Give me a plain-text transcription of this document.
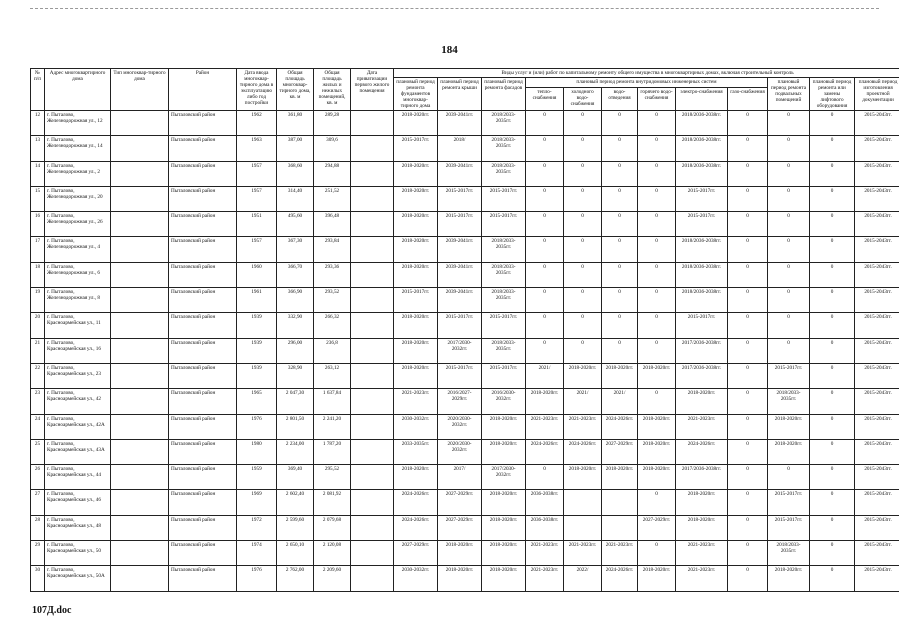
184
№ п/п	Адрес многоквартирного дома	Тип многоквар-тирного дома	Район	Дата ввода многоквар-тирного дома в эксплуатацию либо год постройки	Общая площадь многоквар-тирного дома, кв. м	Общая площадь жилых и нежилых помещений, кв. м	Дата приватизации первого жилого помещения	Виды услуг и (или) работ по капитальному ремонту общего имущества в многоквартирных домах, включая строительный контроль											
								плановый период ремонта фундаментов многоквар-тирного дома	плановый период ремонта крыши	плановый период ремонта фасадов	плановый период ремонта внутридомовых инженерных систем						плановый период ремонта подвальных помещений	плановый период ремонта или замены лифтового оборудования	плановый период изготовления проектной документации
											тепло-снабжения	холодного водо-снабжения	водо-отведения	горячего водо-снабжения	электро-снабжения	газо-снабжения			
12	г. Пыталово, Железнодорожная ул., 12		Пыталовский район	1962	361,80	289,28		2018-2020гг.	2039-2041гг.	2018/2033-2035гг.	0	0	0	0	2018/2036-2038гг.	0	0	0	2015-2043гг.
13	г. Пыталово, Железнодорожная ул., 14		Пыталовский район	1963	387,00	309,6		2015-2017гг.	2018/	2018/2033-2035гг.	0	0	0	0	2018/2036-2038гг.	0	0	0	2015-2043гг.
14	г. Пыталово, Железнодорожная ул., 2		Пыталовский район	1957	368,60	294,88		2018-2020гг.	2039-2041гг.	2018/2033-2035гг.	0	0	0	0	2018/2036-2038гг.	0	0	0	2015-2043гг.
15	г. Пыталово, Железнодорожная ул., 20		Пыталовский район	1957	314,40	251,52		2018-2020гг.	2015-2017гг.	2015-2017гг.	0	0	0	0	2015-2017гг.	0	0	0	2015-2043гг.
16	г. Пыталово, Железнодорожная ул., 26		Пыталовский район	1951	495,60	396,48		2018-2020гг.	2015-2017гг.	2015-2017гг.	0	0	0	0	2015-2017гг.	0	0	0	2015-2043гг.
17	г. Пыталово, Железнодорожная ул., 4		Пыталовский район	1957	367,30	293,84		2018-2020гг.	2039-2041гг.	2018/2033-2035гг.	0	0	0	0	2018/2036-2038гг.	0	0	0	2015-2043гг.
18	г. Пыталово, Железнодорожная ул., 6		Пыталовский район	1960	366,70	293,36		2018-2020гг.	2039-2041гг.	2018/2033-2035гг.	0	0	0	0	2018/2036-2038гг.	0	0	0	2015-2043гг.
19	г. Пыталово, Железнодорожная ул., 8		Пыталовский район	1961	366,90	293,52		2015-2017гг.	2039-2041гг.	2018/2033-2035гг.	0	0	0	0	2018/2036-2038гг.	0	0	0	2015-2043гг.
20	г. Пыталово, Красноармейская ул., 11		Пыталовский район	1939	332,90	266,32		2018-2020гг.	2015-2017гг.	2015-2017гг.	0	0	0	0	2015-2017гг.	0	0	0	2015-2043гг.
21	г. Пыталово, Красноармейская ул., 16		Пыталовский район	1939	296,00	236,8		2018-2020гг.	2017/2030-2032гг.	2018/2033-2035гг.	0	0	0	0	2017/2036-2038гг.	0	0	0	2015-2043гг.
22	г. Пыталово, Красноармейская ул., 23		Пыталовский район	1939	328,90	263,12		2018-2020гг.	2015-2017гг.	2015-2017гг.	2021/	2018-2020гг.	2018-2020гг.	2018-2020гг.	2017/2036-2038гг.	0	2015-2017гг.	0	2015-2043гг.
23	г. Пыталово, Красноармейская ул., 42		Пыталовский район	1965	2 047,30	1 637,84		2021-2023гг.	2016/2027-2029гг.	2016/2030-2032гг.	2018-2020гг.	2021/	2021/	0	2018-2020гг.	0	2018/2033-2035гг.	0	2015-2043гг.
24	г. Пыталово, Красноармейская ул., 42А		Пыталовский район	1976	2 801,50	2 241,20		2030-2032гг.	2020/2030-2032гг.	2018-2020гг.	2021-2023гг.	2021-2023гг.	2024-2026гг.	2018-2020гг.	2021-2023гг.	0	2018-2020гг.	0	2015-2043гг.
25	г. Пыталово, Красноармейская ул., 43А		Пыталовский район	1980	2 234,00	1 787,20		2033-2035гг.	2020/2030-2032гг.	2018-2020гг.	2024-2026гг.	2024-2026гг.	2027-2029гг.	2018-2020гг.	2024-2026гг.	0	2018-2020гг.	0	2015-2043гг.
26	г. Пыталово, Красноармейская ул., 44		Пыталовский район	1959	369,40	295,52		2018-2020гг.	2017/	2017/2030-2032гг.	0	2018-2020гг.	2018-2020гг.	2018-2020гг.	2017/2036-2038гг.	0	0	0	2015-2043гг.
27	г. Пыталово, Красноармейская ул., 46		Пыталовский район	1969	2 602,40	2 081,92		2024-2026гг.	2027-2029гг.	2018-2020гг.	2036-2038гг.			0	2018-2020гг.	0	2015-2017гг.	0	2015-2043гг.
28	г. Пыталово, Красноармейская ул., 48		Пыталовский район	1972	2 599,60	2 079,68		2024-2026гг.	2027-2029гг.	2018-2020гг.	2036-2038гг.			2027-2029гг.	2018-2020гг.	0	2015-2017гг.	0	2015-2043гг.
29	г. Пыталово, Красноармейская ул., 50		Пыталовский район	1974	2 650,10	2 120,08		2027-2029гг.	2018-2020гг.	2018-2020гг.	2021-2023гг.	2021-2023гг.	2021-2023гг.	0	2021-2023гг.	0	2018/2033-2035гг.	0	2015-2043гг.
30	г. Пыталово, Красноармейская ул., 50А		Пыталовский район	1976	2 762,00	2 209,60		2030-2032гг.	2018-2020гг.	2018-2020гг.	2021-2023гг.	2022/	2024-2026гг.	2018-2020гг.	2021-2023гг.	0	2018-2020гг.	0	2015-2043гг.
107Д.doc
